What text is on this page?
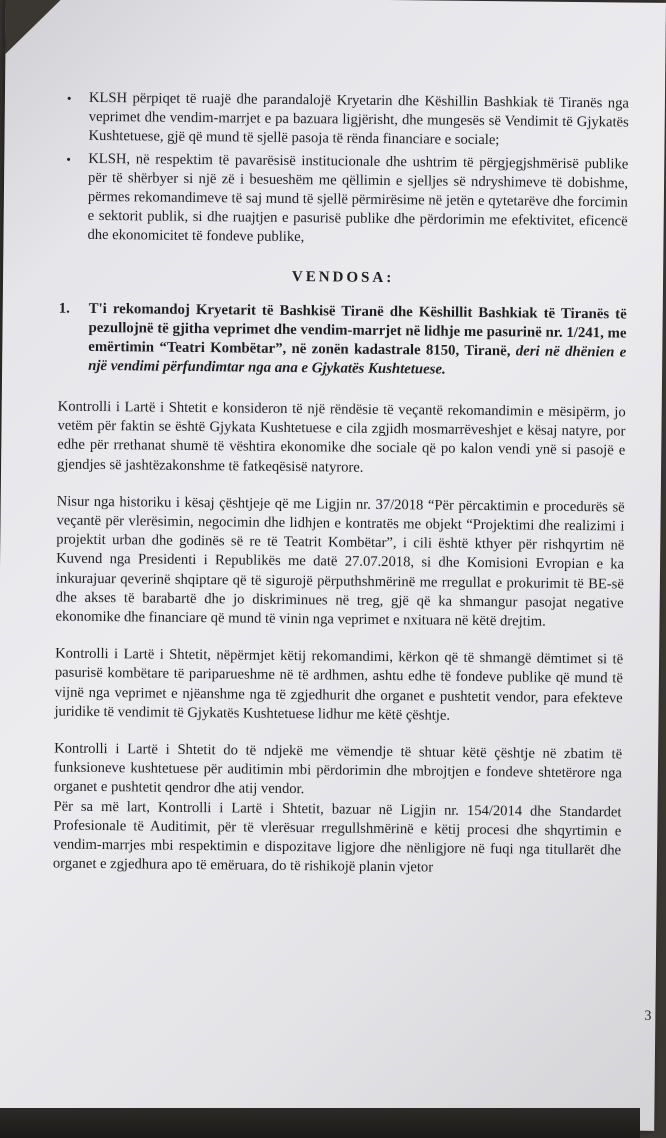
• KLSH përpiqet të ruajë dhe parandalojë Kryetarin dhe Këshillin Bashkiak të Tiranës nga veprimet dhe vendim-marrjet e pa bazuara ligjërisht, dhe mungesës së Vendimit të Gjykatës Kushtetuese, gjë që mund të sjellë pasoja të rënda financiare e sociale;
• KLSH, në respektim të pavarësisë institucionale dhe ushtrim të përgjegjshmërisë publike për të shërbyer si një zë i besueshëm me qëllimin e sjelljes së ndryshimeve të dobishme, përmes rekomandimeve të saj mund të sjellë përmirësime në jetën e qytetarëve dhe forcimin e sektorit publik, si dhe ruajtjen e pasurisë publike dhe përdorimin me efektivitet, eficencë dhe ekonomicitet të fondeve publike,
VENDOSA:
1. T'i rekomandoj Kryetarit të Bashkisë Tiranë dhe Këshillit Bashkiak të Tiranës të pezullojnë të gjitha veprimet dhe vendim-marrjet në lidhje me pasurinë nr. 1/241, me emërtimin “Teatri Kombëtar”, në zonën kadastrale 8150, Tiranë, deri në dhënien e një vendimi përfundimtar nga ana e Gjykatës Kushtetuese.

Kontrolli i Lartë i Shtetit e konsideron të një rëndësie të veçantë rekomandimin e mësipërm, jo vetëm për faktin se është Gjykata Kushtetuese e cila zgjidh mosmarrëveshjet e kësaj natyre, por edhe për rrethanat shumë të vështira ekonomike dhe sociale që po kalon vendi ynë si pasojë e gjendjes së jashtëzakonshme të fatkeqësisë natyrore.

Nisur nga historiku i kësaj çështjeje që me Ligjin nr. 37/2018 “Për përcaktimin e procedurës së veçantë për vlerësimin, negocimin dhe lidhjen e kontratës me objekt “Projektimi dhe realizimi i projektit urban dhe godinës së re të Teatrit Kombëtar”, i cili është kthyer për rishqyrtim në Kuvend nga Presidenti i Republikës me datë 27.07.2018, si dhe Komisioni Evropian e ka inkurajuar qeverinë shqiptare që të sigurojë përputhshmërinë me rregullat e prokurimit të BE-së dhe akses të barabartë dhe jo diskriminues në treg, gjë që ka shmangur pasojat negative ekonomike dhe financiare që mund të vinin nga veprimet e nxituara në këtë drejtim.

Kontrolli i Lartë i Shtetit, nëpërmjet këtij rekomandimi, kërkon që të shmangë dëmtimet si të pasurisë kombëtare të pariparueshme në të ardhmen, ashtu edhe të fondeve publike që mund të vijnë nga veprimet e njëanshme nga të zgjedhurit dhe organet e pushtetit vendor, para efekteve juridike të vendimit të Gjykatës Kushtetuese lidhur me këtë çështje.

Kontrolli i Lartë i Shtetit do të ndjekë me vëmendje të shtuar këtë çështje në zbatim të funksioneve kushtetuese për auditimin mbi përdorimin dhe mbrojtjen e fondeve shtetërore nga organet e pushtetit qendror dhe atij vendor.

Për sa më lart, Kontrolli i Lartë i Shtetit, bazuar në Ligjin nr. 154/2014 dhe Standardet Profesionale të Auditimit, për të vlerësuar rregullshmërinë e këtij procesi dhe shqyrtimin e vendim-marrjes mbi respektimin e dispozitave ligjore dhe nënligjore në fuqi nga titullarët dhe organet e zgjedhura apo të emëruara, do të rishikojë planin vjetor

3
